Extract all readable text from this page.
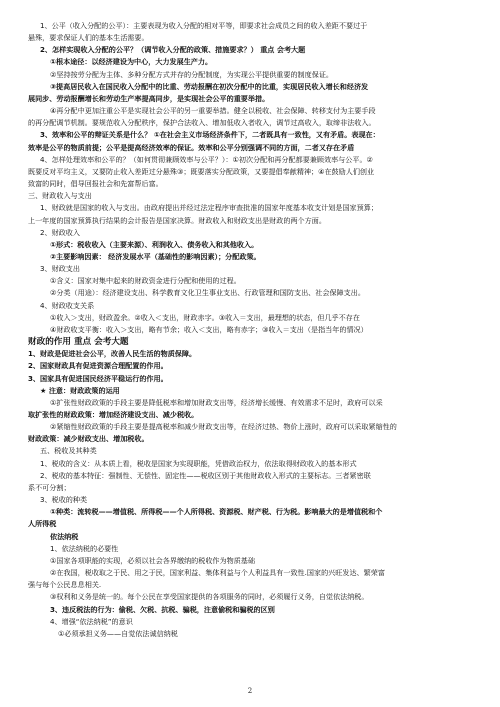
1、公平（收入分配的公平）：主要表现为收入分配的相对平等，即要求社会成员之间的收入差距不要过于
悬殊，要求保证人们的基本生活需要。
2、怎样实现收入分配的公平？（调节收入分配的政策、措施要求？） 重点 会考大题
①根本途径：以经济建设为中心，大力发展生产力。
②坚持按劳分配为主体、多种分配方式并存的分配制度，为实现公平提供重要的制度保证。
③提高居民收入在国民收入分配中的比重、劳动报酬在初次分配中的比重，实现居民收入增长和经济发
展同步、劳动报酬增长和劳动生产率提高同步，是实现社会公平的重要举措。
④再分配中更加注重公平是实现社会公平的另一重要举措。健全以税收、社会保障、转移支付为主要手段
的再分配调节机制。要规范收入分配秩序，保护合法收入、增加低收入者收入，调节过高收入，取缔非法收入。
3、效率和公平的辩证关系是什么？ ①在社会主义市场经济条件下，二者既具有一致性，又有矛盾。表现在：
效率是公平的物质前提；公平是提高经济效率的保证。效率和公平分别强调不同的方面，二者又存在矛盾
4、怎样处理效率和公平的？（如何贯彻兼顾效率与公平？）：①初次分配和再分配都要兼顾效率与公平。②
既要反对平均主义，又要防止收入差距过分悬殊③；既要落实分配政策，又要提倡奉献精神；④在鼓励人们创业
致富的同时，倡导回报社会和先富帮后富。
三、财政收入与支出
1、财政就是国家的收入与支出。由政府提出并经过法定程序审查批准的国家年度基本收支计划是国家预算；
上一年度的国家预算执行结果的会计报告是国家决算。财政收入和财政支出是财政的两个方面。
2、财政收入
①形式：税收收入（主要来源）、利润收入、债务收入和其他收入。
②主要影响因素： 经济发展水平（基础性的影响因素）；分配政策。
3、财政支出
①含义：国家对集中起来的财政资金进行分配和使用的过程。
②分类（用途）：经济建设支出、科学教育文化卫生事业支出、行政管理和国防支出、社会保障支出。
4、财政收支关系
①收入＞支出，财政盈余。②收入＜支出，财政赤字。③收入＝支出，最理想的状态，但几乎不存在
④财政收支平衡：收入＞支出，略有节余；收入＜支出，略有赤字；③收入＝支出（是指当年的情况）
财政的作用 重点 会考大题
1、财政是促进社会公平，改善人民生活的物质保障。
2、国家财政具有促进资源合理配置的作用。
3、国家具有促进国民经济平稳运行的作用。
★ 注意：财政政策的运用
①扩张性财政政策的手段主要是降低税率和增加财政支出等，经济增长缓慢、有效需求不足时，政府可以采
取扩张性的财政政策：增加经济建设支出、减少税收。
②紧缩性财政政策的手段主要是提高税率和减少财政支出等，在经济过热、物价上涨时，政府可以采取紧缩性的
财政政策：减少财政支出、增加税收。
五、税收及其种类
1、税收的含义：从本质上看，税收是国家为实现职能，凭借政治权力，依法取得财政收入的基本形式
2、税收的基本特征：强制性、无偿性、固定性——税收区别于其他财政收入形式的主要标志。三者紧密联
系不可分割；
3、税收的种类
①种类：流转税——增值税、所得税——个人所得税、资源税、财产税、行为税。影响最大的是增值税和个
人所得税
依法纳税
1、依法纳税的必要性
①国家各项职能的实现，必须以社会各界缴纳的税收作为物质基础
②在我国，税收取之于民、用之于民，国家利益、集体利益与个人利益具有一致性.国家的兴旺发达、繁荣富
强与每个公民息息相关.
③权利和义务是统一的。每个公民在享受国家提供的各项服务的同时，必须履行义务，自觉依法纳税。
3、违反税法的行为：偷税、欠税、抗税、骗税，注意偷税和骗税的区别
4、增强“依法纳税”的意识
①必须承担义务——自觉依法诚信纳税
2
